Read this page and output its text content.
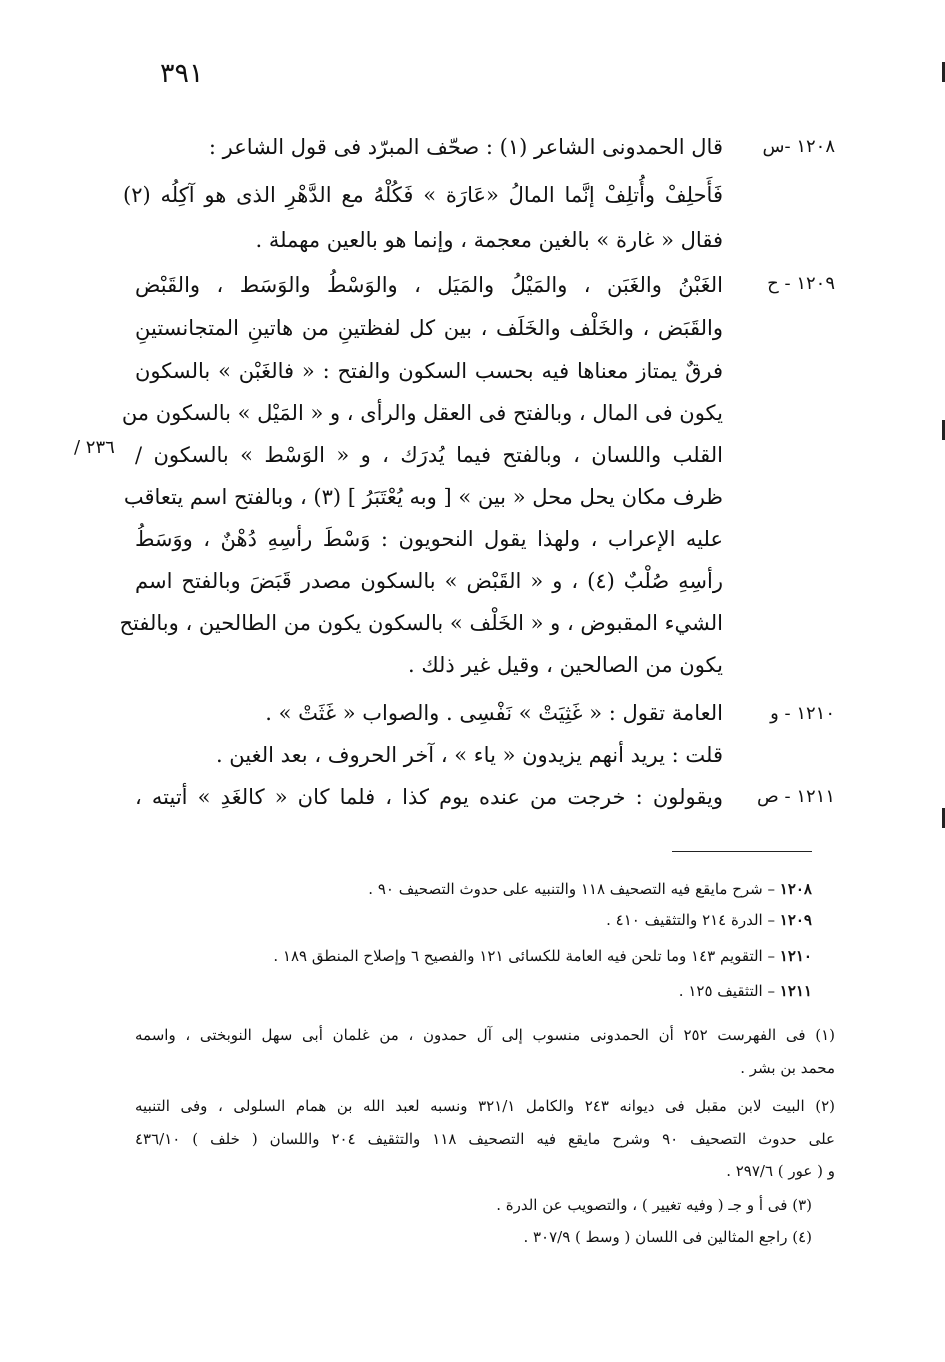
٣٩١
١٢٠٨ -س
قال الحمدونى الشاعر (١) : صحّف المبرّد فى قول الشاعر :
فَأَحلِفْ وأُتلِفْ إنَّما المالُ «عَارَة » فَكُلْهُ مع الدَّهْرِ الذى هو آكِلُه (٢)
فقال « غارة » بالغين معجمة ، وإنما هو بالعين مهملة .
١٢٠٩ - ح
الغَبْنُ والغَبَن ، والمَيْلُ والمَيَل ، والوَسْطُ والوَسَط ، والقَبْض
والقَبَض ، والخَلْف والخَلَف ، بين كل لفظتينِ من هاتينِ المتجانستينِ
فرقٌ يمتاز معناها فيه بحسب السكون والفتح : « فالغَبْن » بالسكون
يكون فى المال ، وبالفتح فى العقل والرأى ، و « المَيْل » بالسكون من
القلب واللسان ، وبالفتح فيما يُدرَك ، و « الوَسْط » بالسكون /
ظرف مكان يحل محل « بين » [ وبه يُعْتَبَرُ ] (٣) ، وبالفتح اسم يتعاقب
عليه الإعراب ، ولهذا يقول النحويون : وَسْطَ رأسِهِ دُهْنٌ ، ووَسَطُ
رأسِهِ صُلْبٌ (٤) ، و « القَبْض » بالسكون مصدر قَبَضَ وبالفتح اسم
الشيء المقبوض ، و « الخَلْف » بالسكون يكون من الطالحين ، وبالفتح
يكون من الصالحين ، وقيل غير ذلك .
١٢١٠ - و
العامة تقول : « غَثِيَتْ » نَفْسِى . والصواب « غَثَتْ » .
قلت : يريد أنهم يزيدون « ياء » ، آخر الحروف ، بعد الغين .
١٢١١ - ص
ويقولون : خرجت من عنده يوم كذا ، فلما كان « كالغَدِ » أتيته ،
٢٣٦ /
١٢٠٨ – شرح مايقع فيه التصحيف ١١٨ والتنبيه على حدوث التصحيف ٩٠ .
١٢٠٩ – الدرة ٢١٤ والتثقيف ٤١٠ .
١٢١٠ – التقويم ١٤٣ وما تلحن فيه العامة للكسائى ١٢١ والفصيح ٦ وإصلاح المنطق ١٨٩ .
١٢١١ – التثقيف ١٢٥ .
(١) فى الفهرست ٢٥٢ أن الحمدونى منسوب إلى آل حمدون ، من غلمان أبى سهل النوبختى ، واسمه
محمد بن بشر .
(٢) البيت لابن مقبل فى ديوانه ٢٤٣ والكامل ٣٢١/١ ونسبه لعبد الله بن همام السلولى ، وفى التنبيه
على حدوث التصحيف ٩٠ وشرح مايقع فيه التصحيف ١١٨ والتثقيف ٢٠٤ واللسان ( خلف ) ٤٣٦/١٠
و ( عور ) ٢٩٧/٦ .
(٣) فى أ و جـ ( وفيه تغيير ) ، والتصويب عن الدرة .
(٤) راجع المثالين فى اللسان ( وسط ) ٣٠٧/٩ .
